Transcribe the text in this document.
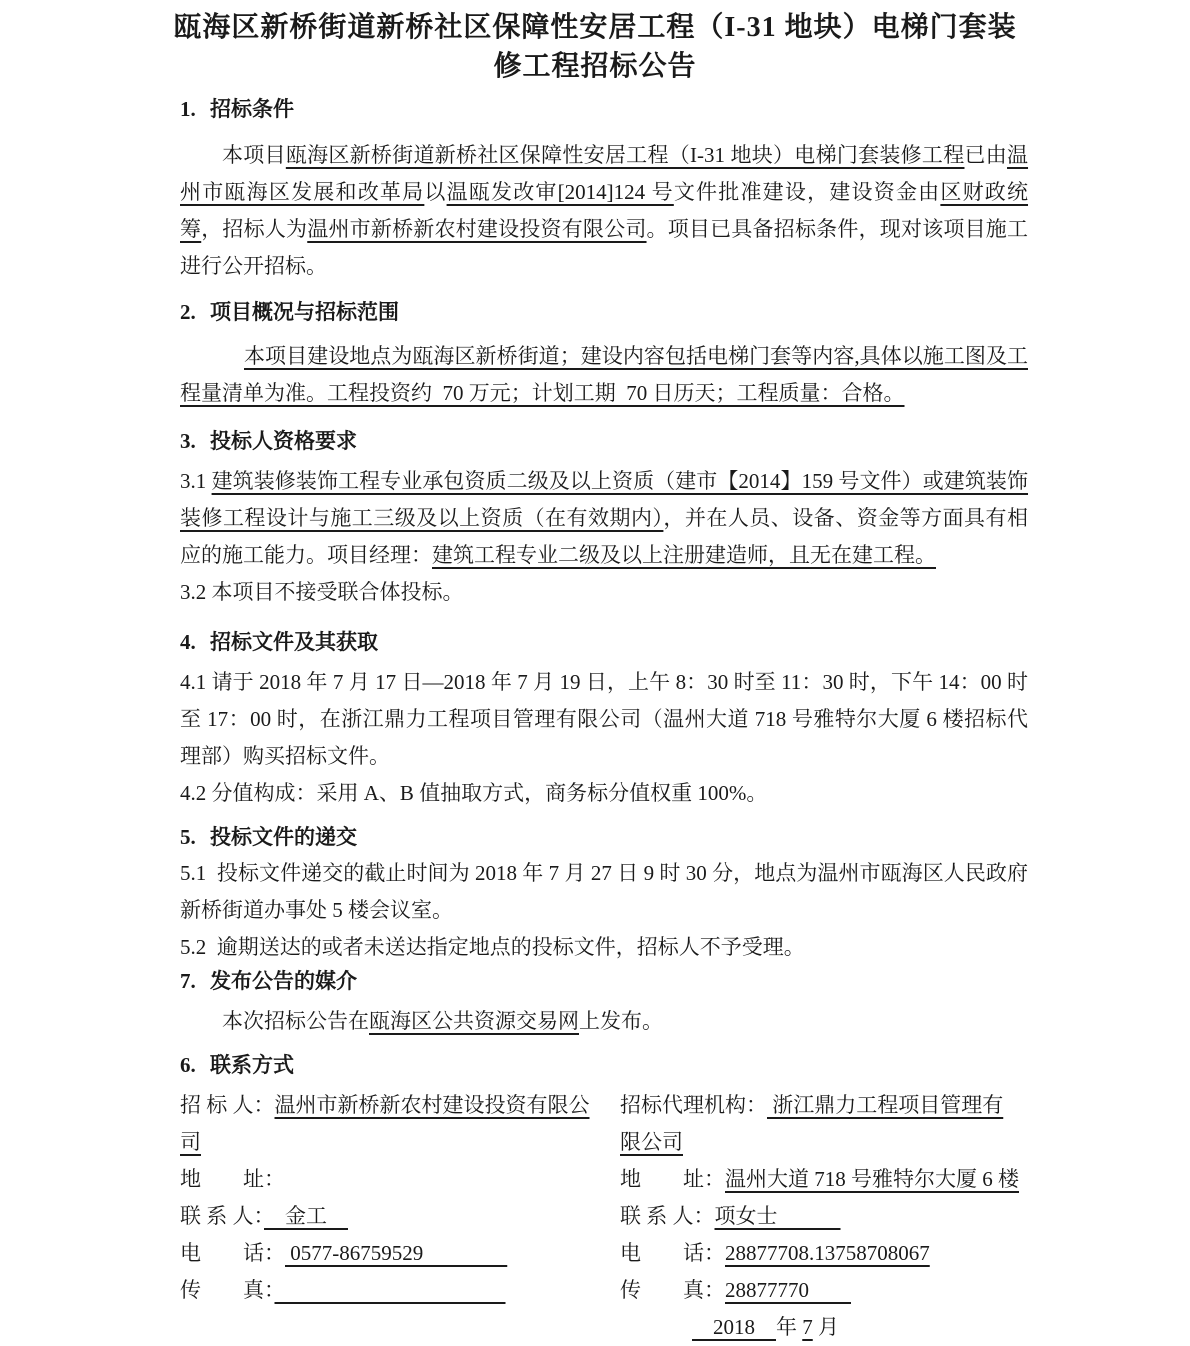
瓯海区新桥街道新桥社区保障性安居工程（I-31 地块）电梯门套装
修工程招标公告
1. 招标条件

本项目瓯海区新桥街道新桥社区保障性安居工程（I-31 地块）电梯门套装修工程已由温州市瓯海区发展和改革局以温瓯发改审[2014]124 号文件批准建设，建设资金由区财政统筹，招标人为温州市新桥新农村建设投资有限公司。项目已具备招标条件，现对该项目施工进行公开招标。

2. 项目概况与招标范围

本项目建设地点为瓯海区新桥街道；建设内容包括电梯门套等内容,具体以施工图及工程量清单为准。工程投资约  70 万元；计划工期  70 日历天；工程质量：合格。

3. 投标人资格要求

3.1 建筑装修装饰工程专业承包资质二级及以上资质（建市【2014】159 号文件）或建筑装饰装修工程设计与施工三级及以上资质（在有效期内），并在人员、设备、资金等方面具有相应的施工能力。项目经理：建筑工程专业二级及以上注册建造师，且无在建工程。

3.2 本项目不接受联合体投标。

4. 招标文件及其获取

4.1 请于 2018 年 7 月 17 日—2018 年 7 月 19 日，上午 8：30 时至 11：30 时，下午 14：00 时至 17：00 时，在浙江鼎力工程项目管理有限公司（温州大道 718 号雅特尔大厦 6 楼招标代理部）购买招标文件。

4.2 分值构成：采用 A、B 值抽取方式，商务标分值权重 100%。

5. 投标文件的递交

5.1  投标文件递交的截止时间为 2018 年 7 月 27 日 9 时 30 分，地点为温州市瓯海区人民政府新桥街道办事处 5 楼会议室。

5.2  逾期送达的或者未送达指定地点的投标文件，招标人不予受理。

7. 发布公告的媒介

本次招标公告在瓯海区公共资源交易网上发布。

6. 联系方式

招 标 人：温州市新桥新农村建设投资有限公司

地　　址：

联 系 人：　金工　

电　　话： 0577-86759529　　　　

传　　真：　　　　　　　　　　　

招标代理机构： 浙江鼎力工程项目管理有限公司

地　　址：温州大道 718 号雅特尔大厦 6 楼

联 系 人：项女士　　　

电　　话：28877708.13758708067

传　　真：28877770　　

　2018　年 7 月
